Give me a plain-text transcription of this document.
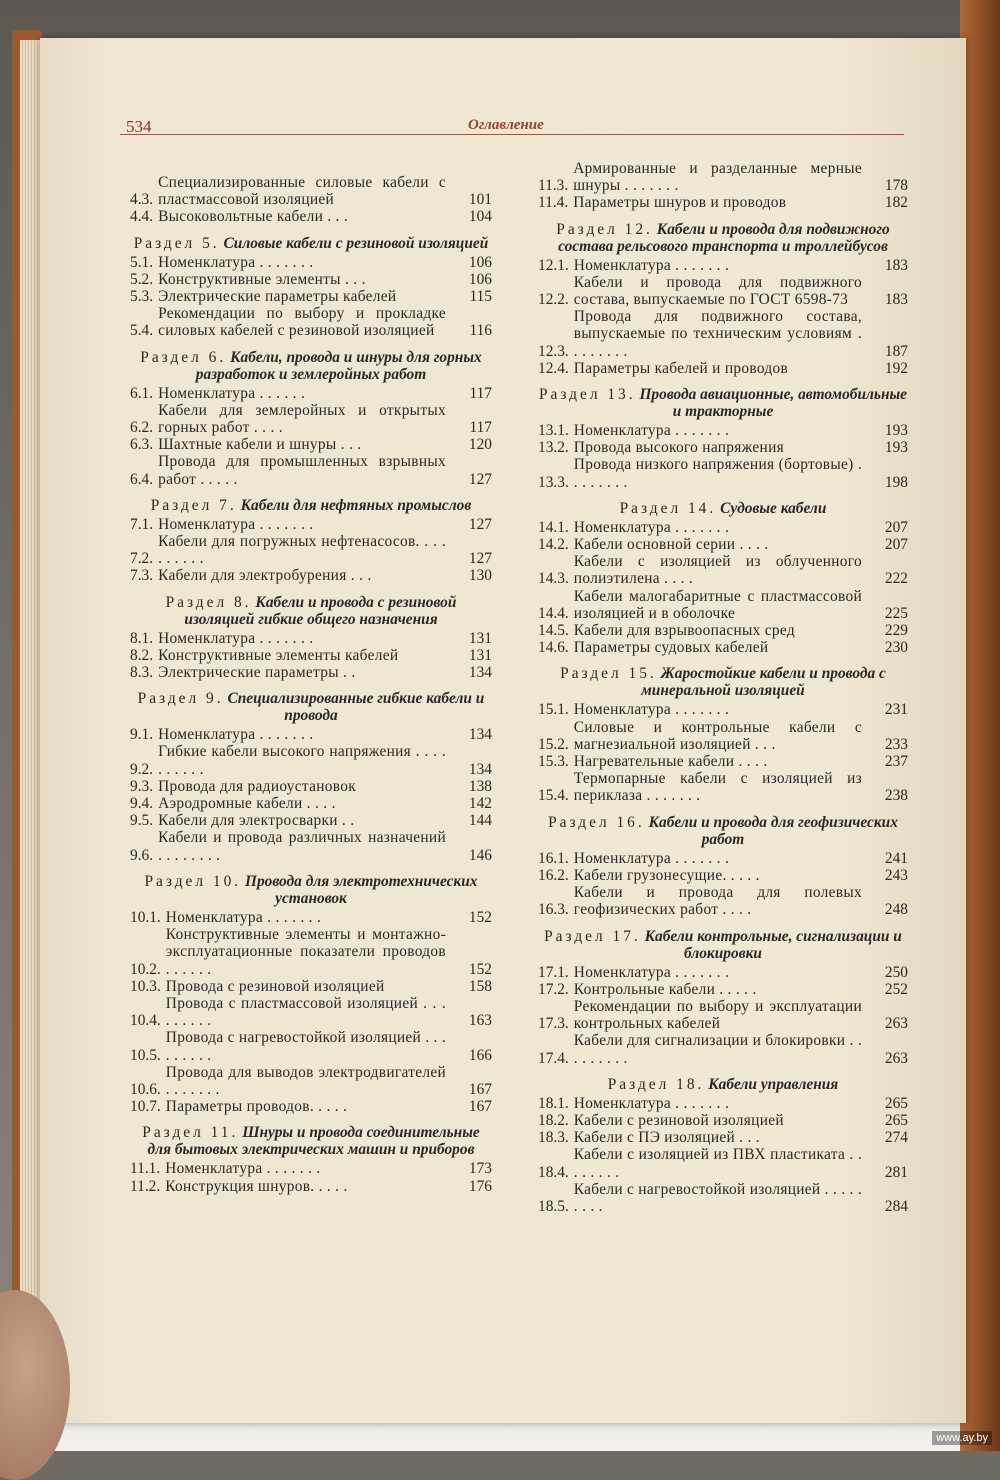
534	Оглавление
4.3.
Специализированные силовые кабели с пластмассовой изоляцией	101
4.4. Высоковольтные кабели . . .	104
Раздел 5. Силовые кабели с резиновой изоляцией
5.1. Номенклатура . . . . . . .	106
5.2. Конструктивные элементы . . .	106
5.3. Электрические параметры кабелей	115
5.4.
Рекомендации по выбору и прокладке силовых кабелей с резиновой изоляцией	116
Раздел 6. Кабели, провода и шнуры для горных разработок и землеройных работ
6.1. Номенклатура . . . . . .	117
6.2.
Кабели для землеройных и открытых горных работ . . . .	117
6.3. Шахтные кабели и шнуры . . .	120
6.4.
Провода для промышленных взрывных работ . . . . .	127
Раздел 7. Кабели для нефтяных промыслов
7.1. Номенклатура . . . . . . .	127
7.2.
Кабели для погружных нефтенасосов. . . . . . . . . .	127
7.3. Кабели для электробурения . . .	130
Раздел 8. Кабели и провода с резиновой изоляцией гибкие общего назначения
8.1. Номенклатура . . . . . . .	131
8.2. Конструктивные элементы кабелей	131
8.3. Электрические параметры . .	134
Раздел 9. Специализированные гибкие кабели и провода
9.1. Номенклатура . . . . . . .	134
9.2.
Гибкие кабели высокого напряжения . . . . . . . . . .	134
9.3. Провода для радиоустановок	138
9.4. Аэродромные кабели . . . .	142
9.5. Кабели для электросварки . .	144
9.6.
Кабели и провода различных назначений . . . . . . . .	146
Раздел 10. Провода для электротехнических установок
10.1. Номенклатура . . . . . . .	152
10.2.
Конструктивные элементы и монтажно-эксплуатационные показатели проводов . . . . . .	152
10.3. Провода с резиновой изоляцией	158
10.4.
Провода с пластмассовой изоляцией . . . . . . . . .	163
10.5.
Провода с нагревостойкой изоляцией . . . . . . . . .	166
10.6.
Провода для выводов электродвигателей . . . . . . .	167
10.7. Параметры проводов. . . . .	167
Раздел 11. Шнуры и провода соединительные для бытовых электрических машин и приборов
11.1. Номенклатура . . . . . . .	173
11.2. Конструкция шнуров. . . . .	176
11.3.
Армированные и разделанные мерные шнуры . . . . . . .	178
11.4. Параметры шнуров и проводов	182
Раздел 12. Кабели и провода для подвижного состава рельсового транспорта и троллейбусов
12.1. Номенклатура . . . . . . .	183
12.2.
Кабели и провода для подвижного состава, выпускаемые по ГОСТ 6598-73	183
12.3.
Провода для подвижного состава, выпускаемые по техническим условиям . . . . . . . .	187
12.4. Параметры кабелей и проводов	192
Раздел 13. Провода авиационные, автомобильные и тракторные
13.1. Номенклатура . . . . . . .	193
13.2. Провода высокого напряжения	193
13.3.
Провода низкого напряжения (бортовые) . . . . . . . .	198
Раздел 14. Судовые кабели
14.1. Номенклатура . . . . . . .	207
14.2. Кабели основной серии . . . .	207
14.3.
Кабели с изоляцией из облученного полиэтилена . . . .	222
14.4.
Кабели малогабаритные с пластмассовой изоляцией и в оболочке	225
14.5. Кабели для взрывоопасных сред	229
14.6. Параметры судовых кабелей	230
Раздел 15. Жаростойкие кабели и провода с минеральной изоляцией
15.1. Номенклатура . . . . . . .	231
15.2.
Силовые и контрольные кабели с магнезиальной изоляцией . . .	233
15.3. Нагревательные кабели . . . .	237
15.4.
Термопарные кабели с изоляцией из периклаза . . . . . . .	238
Раздел 16. Кабели и провода для геофизических работ
16.1. Номенклатура . . . . . . .	241
16.2. Кабели грузонесущие. . . . .	243
16.3.
Кабели и провода для полевых геофизических работ . . . .	248
Раздел 17. Кабели контрольные, сигнализации и блокировки
17.1. Номенклатура . . . . . . .	250
17.2. Контрольные кабели . . . . .	252
17.3.
Рекомендации по выбору и эксплуатации контрольных кабелей	263
17.4.
Кабели для сигнализации и блокировки . . . . . . . . .	263
Раздел 18. Кабели управления
18.1. Номенклатура . . . . . . .	265
18.2. Кабели с резиновой изоляцией	265
18.3. Кабели с ПЭ изоляцией . . .	274
18.4.
Кабели с изоляцией из ПВХ пластиката . . . . . . . .	281
18.5.
Кабели с нагревостойкой изоляцией . . . . . . . . .	284
www.ay.by
